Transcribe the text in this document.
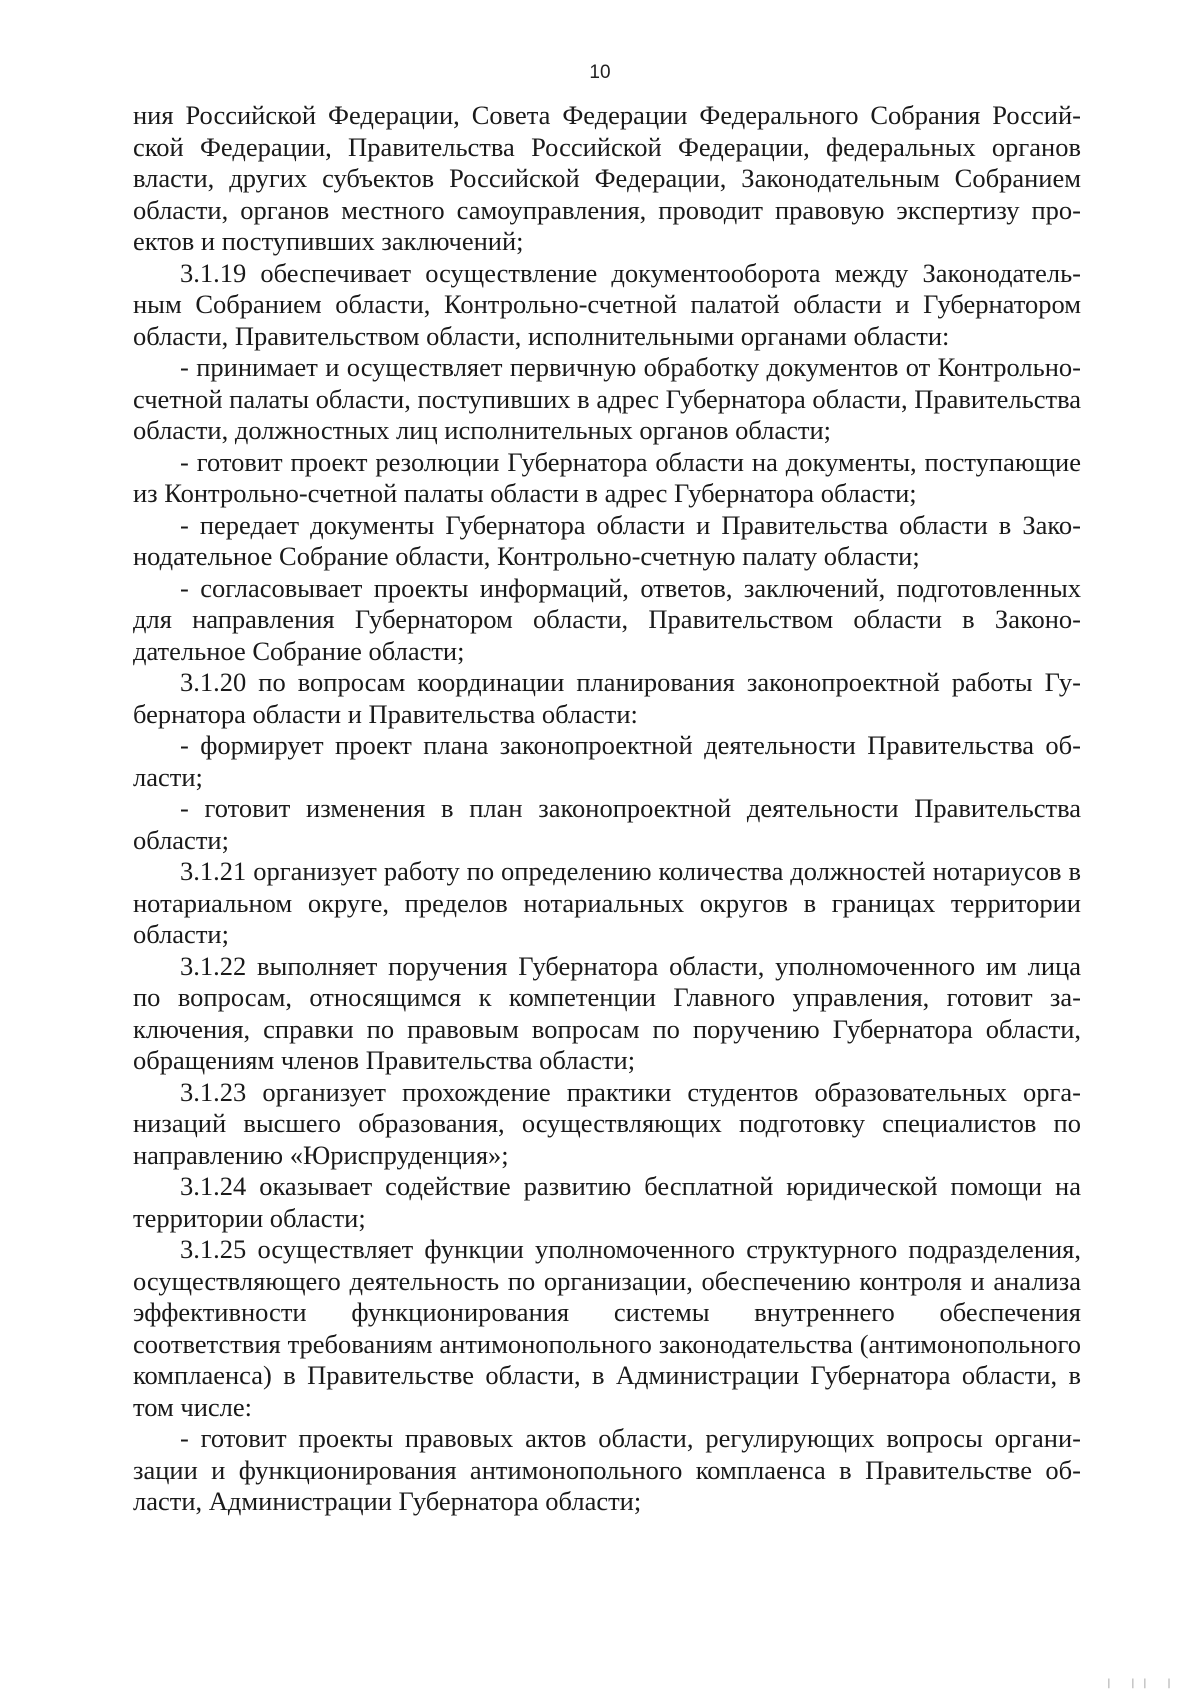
10

ния Российской Федерации, Совета Федерации Федерального Собрания Российской Федерации, Правительства Российской Федерации, федеральных органов власти, других субъектов Российской Федерации, Законодательным Собранием области, органов местного самоуправления, проводит правовую экспертизу проектов и поступивших заключений;

3.1.19 обеспечивает осуществление документооборота между Законодательным Собранием области, Контрольно-счетной палатой области и Губернатором области, Правительством области, исполнительными органами области:

- принимает и осуществляет первичную обработку документов от Контрольно-счетной палаты области, поступивших в адрес Губернатора области, Правительства области, должностных лиц исполнительных органов области;

- готовит проект резолюции Губернатора области на документы, поступающие из Контрольно-счетной палаты области в адрес Губернатора области;

- передает документы Губернатора области и Правительства области в Законодательное Собрание области, Контрольно-счетную палату области;

- согласовывает проекты информаций, ответов, заключений, подготовленных для направления Губернатором области, Правительством области в Законодательное Собрание области;

3.1.20 по вопросам координации планирования законопроектной работы Губернатора области и Правительства области:

- формирует проект плана законопроектной деятельности Правительства области;

- готовит изменения в план законопроектной деятельности Правительства области;

3.1.21 организует работу по определению количества должностей нотариусов в нотариальном округе, пределов нотариальных округов в границах территории области;

3.1.22 выполняет поручения Губернатора области, уполномоченного им лица по вопросам, относящимся к компетенции Главного управления, готовит заключения, справки по правовым вопросам по поручению Губернатора области, обращениям членов Правительства области;

3.1.23 организует прохождение практики студентов образовательных организаций высшего образования, осуществляющих подготовку специалистов по направлению «Юриспруденция»;

3.1.24 оказывает содействие развитию бесплатной юридической помощи на территории области;

3.1.25 осуществляет функции уполномоченного структурного подразделения, осуществляющего деятельность по организации, обеспечению контроля и анализа эффективности функционирования системы внутреннего обеспечения соответствия требованиям антимонопольного законодательства (антимонопольного комплаенса) в Правительстве области, в Администрации Губернатора области, в том числе:

- готовит проекты правовых актов области, регулирующих вопросы организации и функционирования антимонопольного комплаенса в Правительстве области, Администрации Губернатора области;

| || |
